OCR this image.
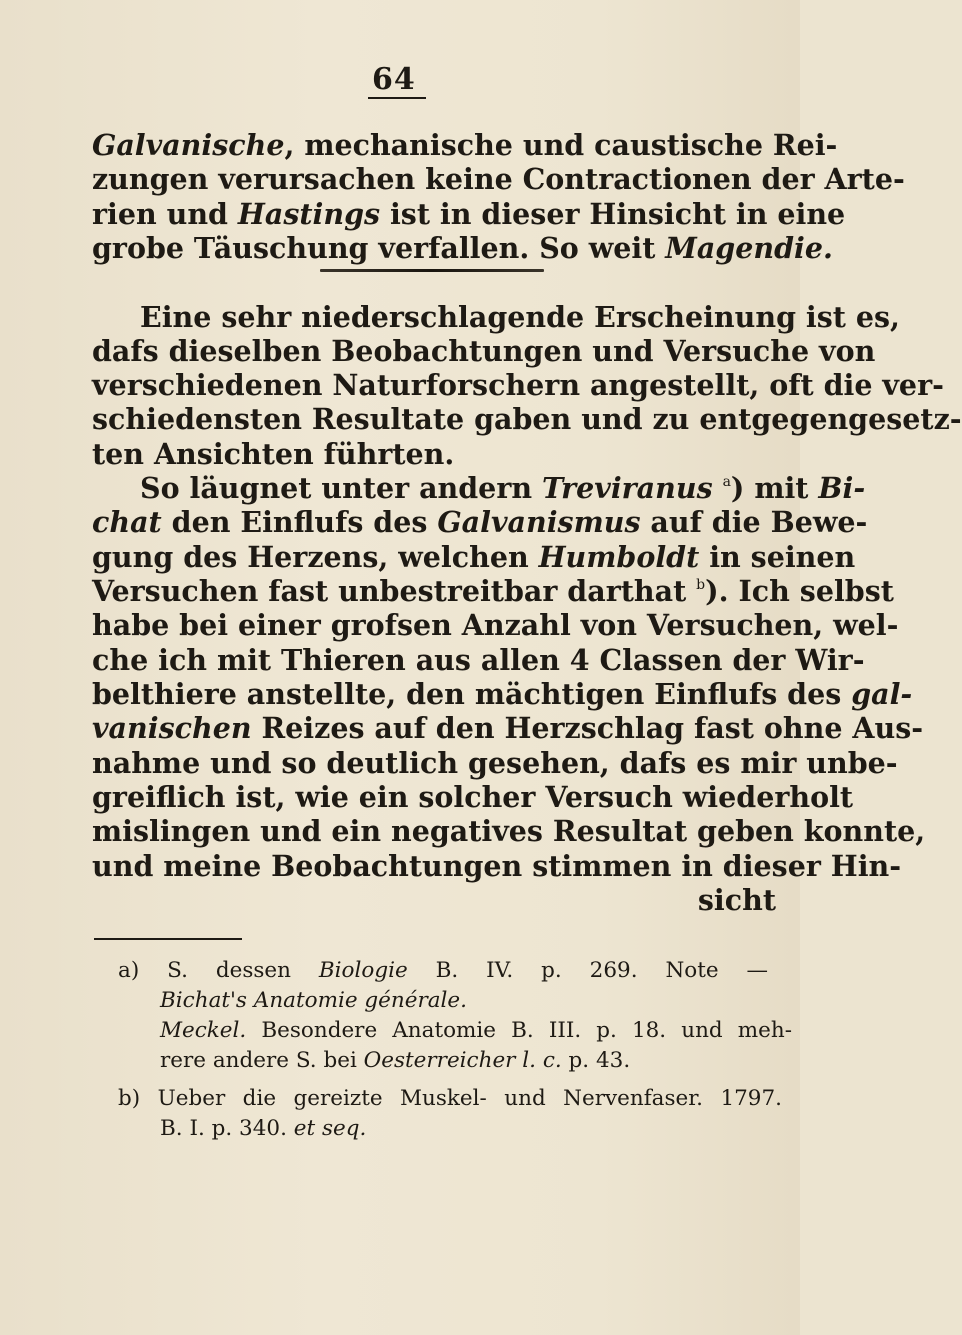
64
Galvanische, mechanische und caustische Rei-
zungen verursachen keine Contractionen der Arte-
rien und Hastings ist in dieser Hinsicht in eine
grobe Täuschung verfallen. So weit Magendie.
Eine sehr niederschlagende Erscheinung ist es,
dafs dieselben Beobachtungen und Versuche von
verschiedenen Naturforschern angestellt, oft die ver-
schiedensten Resultate gaben und zu entgegengesetz-
ten Ansichten führten.
So läugnet unter andern Treviranus $^a$) mit Bi-
chat den Einflufs des Galvanismus auf die Bewe-
gung des Herzens, welchen Humboldt in seinen
Versuchen fast unbestreitbar darthat $^b$). Ich selbst
habe bei einer grofsen Anzahl von Versuchen, wel-
che ich mit Thieren aus allen 4 Classen der Wir-
belthiere anstellte, den mächtigen Einflufs des gal-
vanischen Reizes auf den Herzschlag fast ohne Aus-
nahme und so deutlich gesehen, dafs es mir unbe-
greiflich ist, wie ein solcher Versuch wiederholt
mislingen und ein negatives Resultat geben konnte,
und meine Beobachtungen stimmen in dieser Hin-
sicht
a) S. dessen Biologie B. IV. p. 269. Note —
Bichat's Anatomie générale.
Meckel. Besondere Anatomie B. III. p. 18. und meh-
rere andere S. bei Oesterreicher l. c. p. 43.
b) Ueber die gereizte Muskel- und Nervenfaser. 1797.
B. I. p. 340. et seq.
